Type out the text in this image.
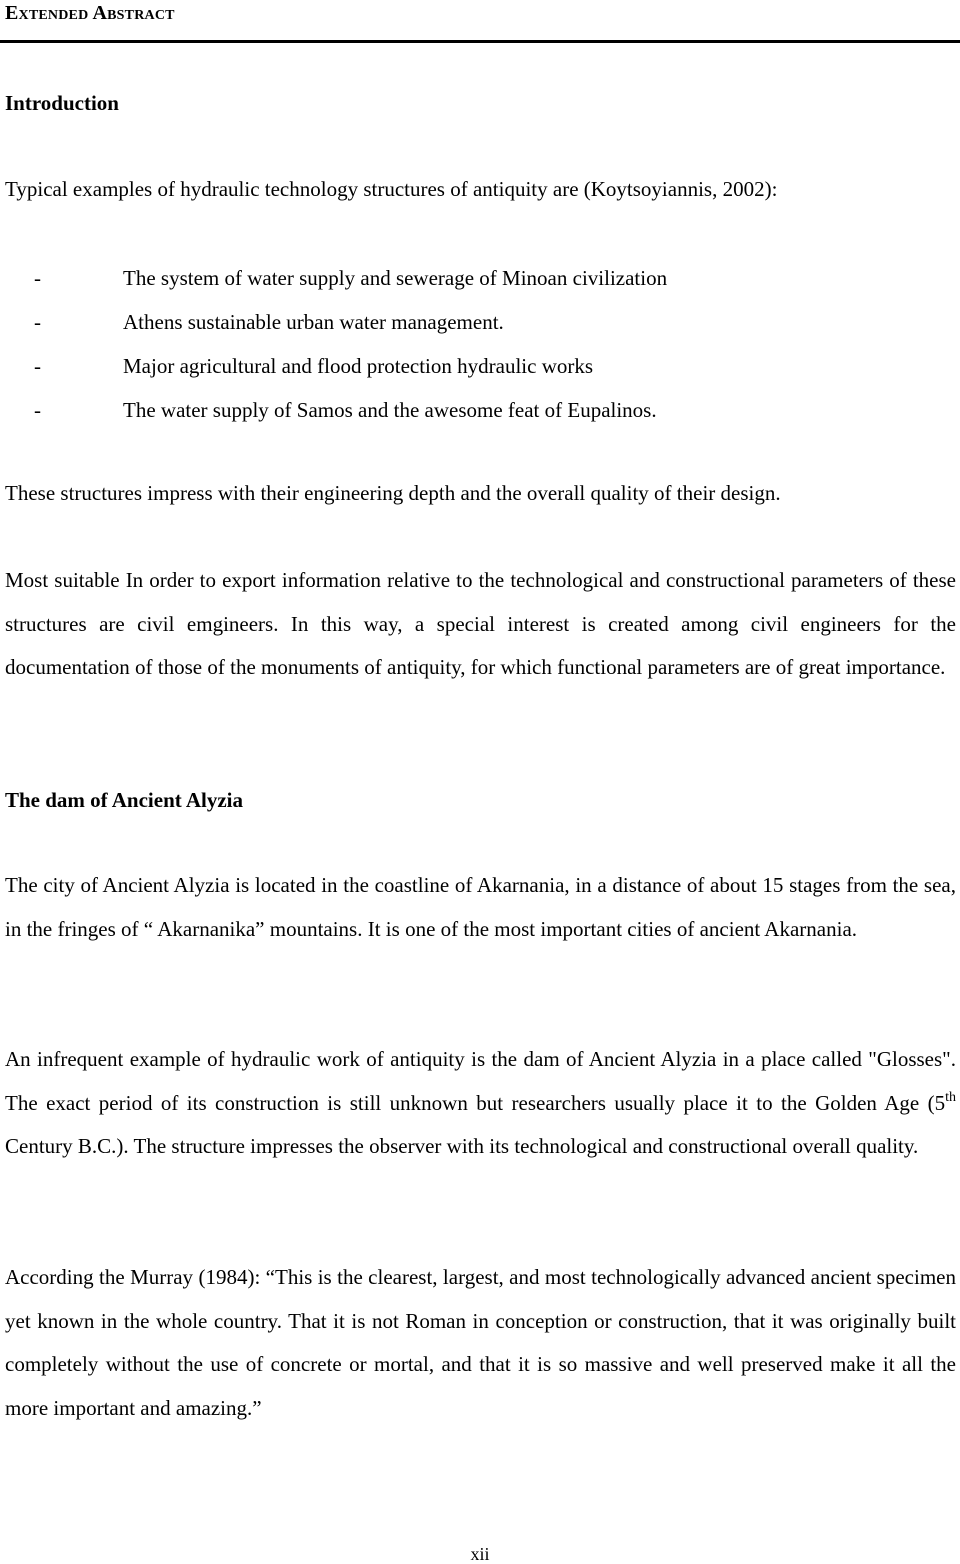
Extended Abstract
Introduction

Typical examples of hydraulic technology structures of antiquity are (Koytsoyiannis, 2002):

-	The system of water supply and sewerage of Minoan civilization
-	Athens sustainable urban water management.
-	Major agricultural and flood protection hydraulic works
-	The water supply of Samos and the awesome feat of Eupalinos.

These structures impress with their engineering depth and the overall quality of their design.

Most suitable In order to export information relative to the technological and constructional parameters of these structures are civil emgineers. In this way, a special interest is created among civil engineers for the documentation of those of the monuments of antiquity, for which functional parameters are of great importance.

The dam of Ancient Alyzia

The city of Ancient Alyzia is located in the coastline of Akarnania, in a distance of about 15 stages from the sea, in the fringes of “ Akarnanika” mountains. It is one of the most important cities of ancient Akarnania.

An infrequent example of hydraulic work of antiquity is the dam of Ancient Alyzia in a place called "Glosses". The exact period of its construction is still unknown but researchers usually place it to the Golden Age (5th Century B.C.). The structure impresses the observer with its technological and constructional overall quality.

According the Murray (1984): “This is the clearest, largest, and most technologically advanced ancient specimen yet known in the whole country. That it is not Roman in conception or construction, that it was originally built completely without the use of concrete or mortal, and that it is so massive and well preserved make it all the more important and amazing.”

xii
